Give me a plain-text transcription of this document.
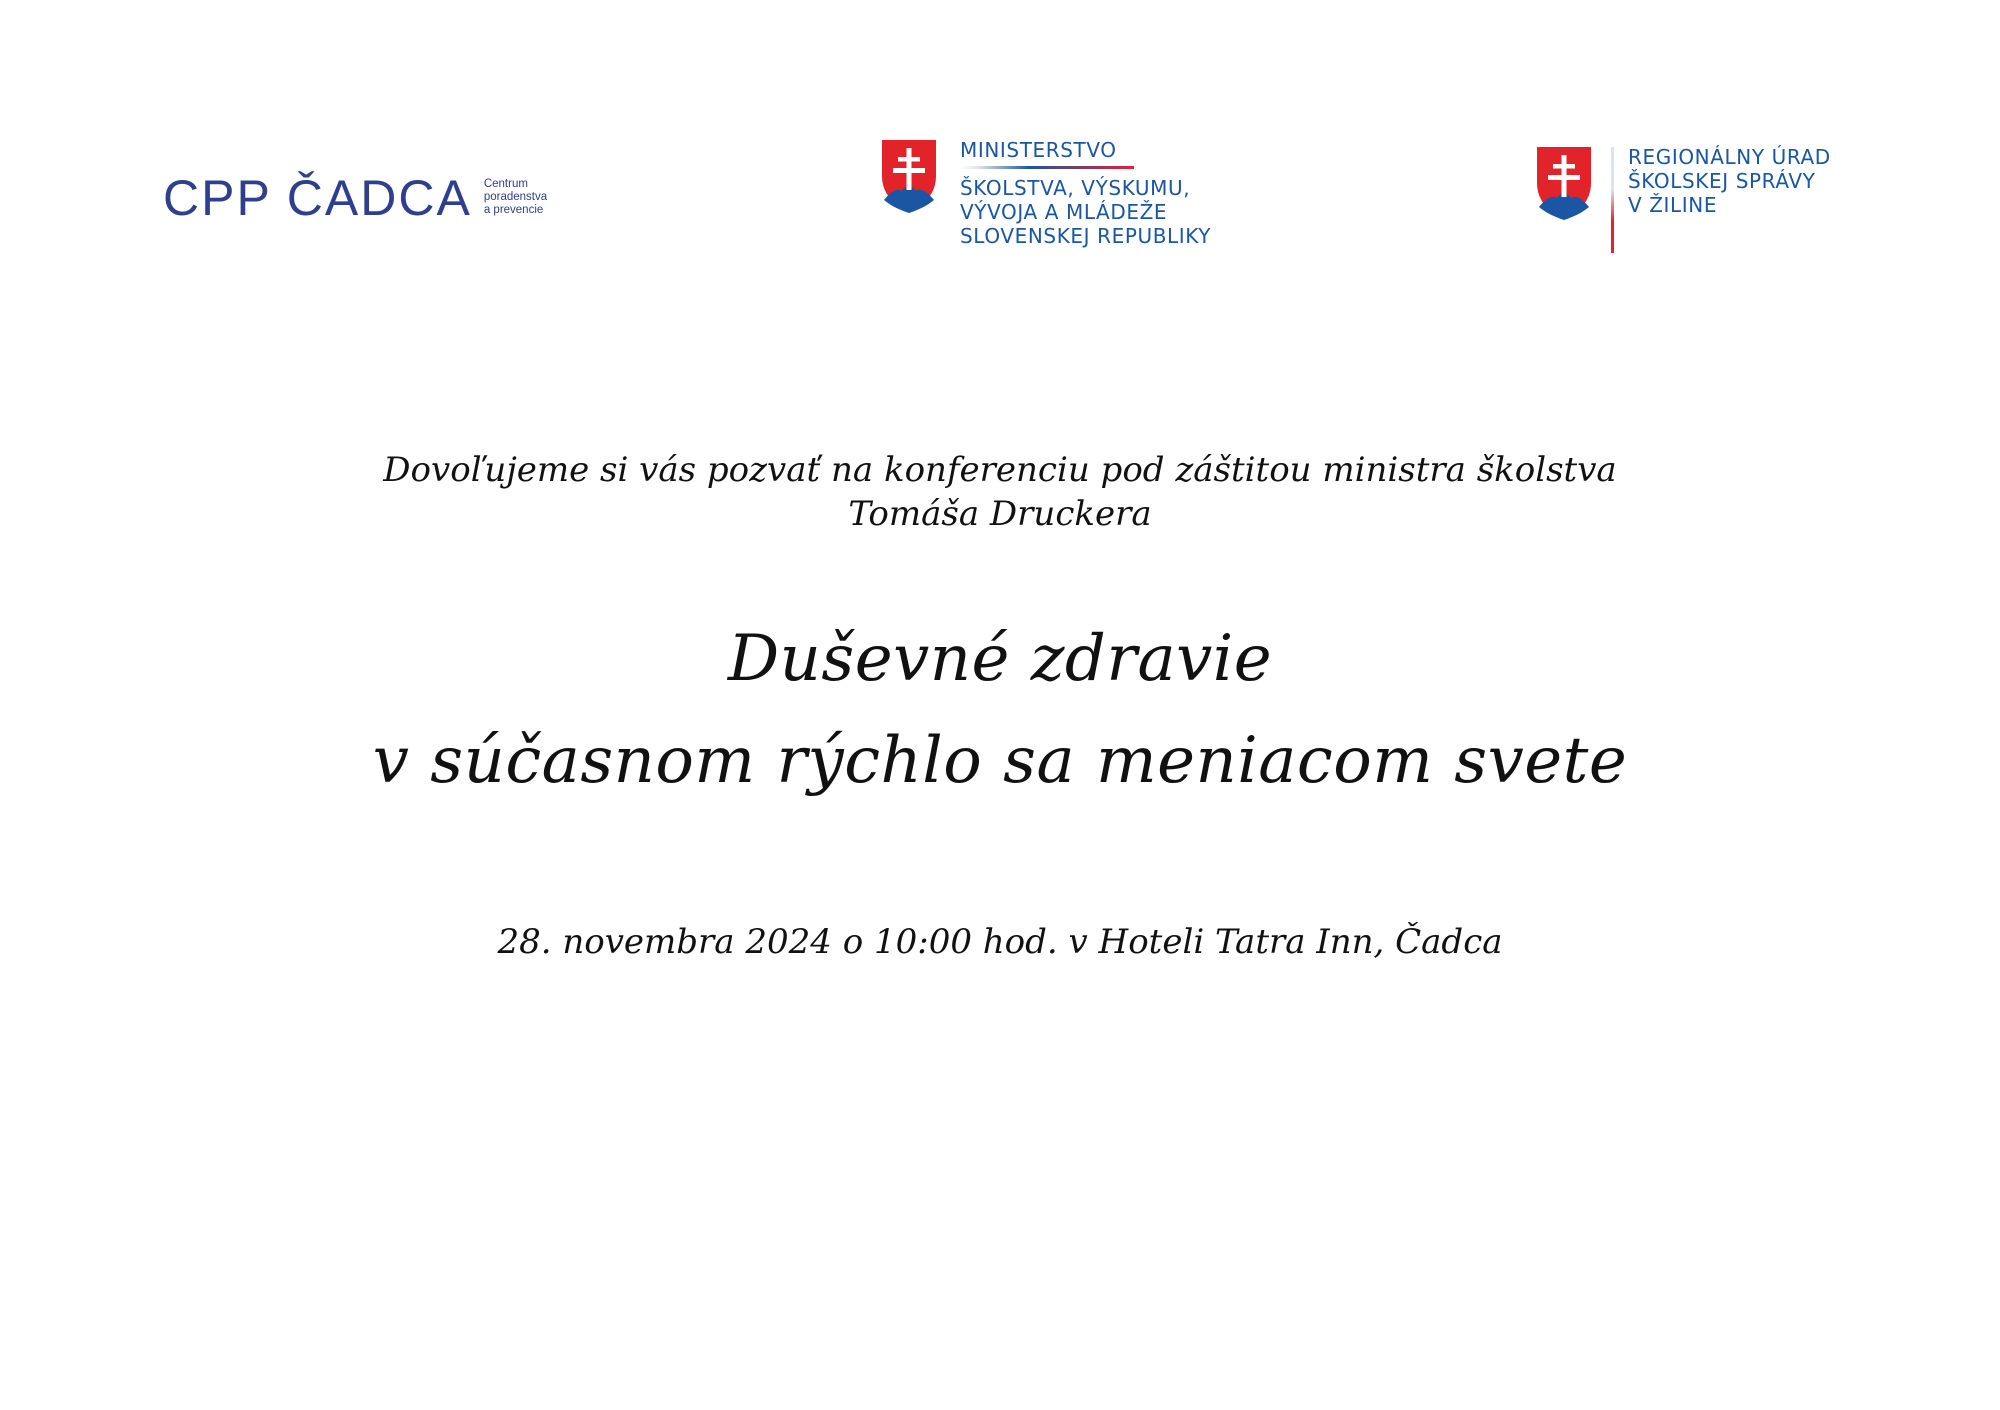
CPP ČADCA Centrum
poradenstva
a prevencie
MINISTERSTVO
ŠKOLSTVA, VÝSKUMU,
VÝVOJA A MLÁDEŽE
SLOVENSKEJ REPUBLIKY
REGIONÁLNY ÚRAD
ŠKOLSKEJ SPRÁVY
V ŽILINE
Dovoľujeme si vás pozvať na konferenciu pod záštitou ministra školstva
Tomáša Druckera
Duševné zdravie
v súčasnom rýchlo sa meniacom svete
28. novembra 2024 o 10:00 hod. v Hoteli Tatra Inn, Čadca
